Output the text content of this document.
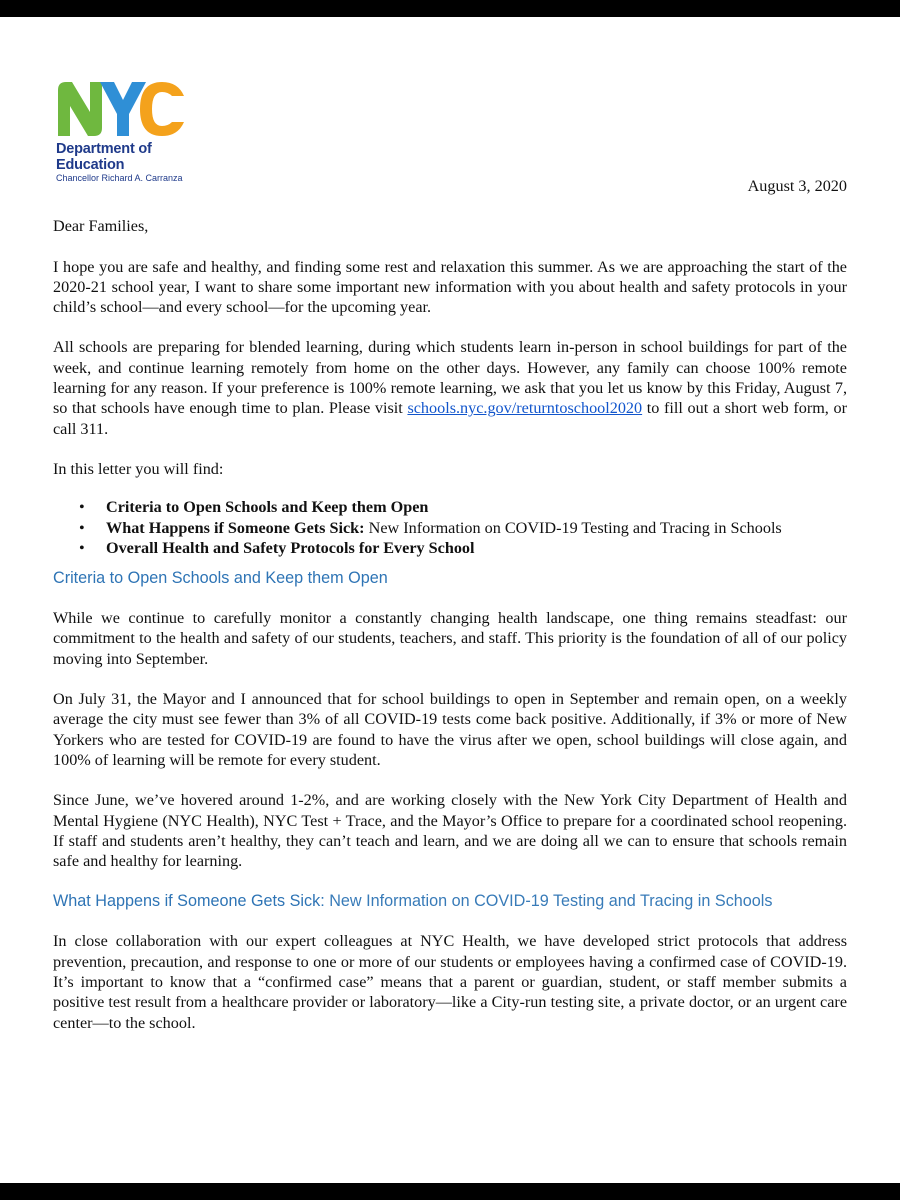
Department of
Education
Chancellor Richard A. Carranza	August 3, 2020

Dear Families,

I hope you are safe and healthy, and finding some rest and relaxation this summer. As we are approaching the start of the 2020-21 school year, I want to share some important new information with you about health and safety protocols in your child’s school—and every school—for the upcoming year.

All schools are preparing for blended learning, during which students learn in-person in school buildings for part of the week, and continue learning remotely from home on the other days. However, any family can choose 100% remote learning for any reason. If your preference is 100% remote learning, we ask that you let us know by this Friday, August 7, so that schools have enough time to plan. Please visit schools.nyc.gov/returntoschool2020 to fill out a short web form, or call 311.

In this letter you will find:

• Criteria to Open Schools and Keep them Open
• What Happens if Someone Gets Sick: New Information on COVID-19 Testing and Tracing in Schools
• Overall Health and Safety Protocols for Every School
Criteria to Open Schools and Keep them Open

While we continue to carefully monitor a constantly changing health landscape, one thing remains steadfast: our commitment to the health and safety of our students, teachers, and staff. This priority is the foundation of all of our policy moving into September.

On July 31, the Mayor and I announced that for school buildings to open in September and remain open, on a weekly average the city must see fewer than 3% of all COVID-19 tests come back positive. Additionally, if 3% or more of New Yorkers who are tested for COVID-19 are found to have the virus after we open, school buildings will close again, and 100% of learning will be remote for every student.

Since June, we’ve hovered around 1-2%, and are working closely with the New York City Department of Health and Mental Hygiene (NYC Health), NYC Test + Trace, and the Mayor’s Office to prepare for a coordinated school reopening. If staff and students aren’t healthy, they can’t teach and learn, and we are doing all we can to ensure that schools remain safe and healthy for learning.

What Happens if Someone Gets Sick: New Information on COVID-19 Testing and Tracing in Schools

In close collaboration with our expert colleagues at NYC Health, we have developed strict protocols that address prevention, precaution, and response to one or more of our students or employees having a confirmed case of COVID-19. It’s important to know that a “confirmed case” means that a parent or guardian, student, or staff member submits a positive test result from a healthcare provider or laboratory—like a City-run testing site, a private doctor, or an urgent care center—to the school.
